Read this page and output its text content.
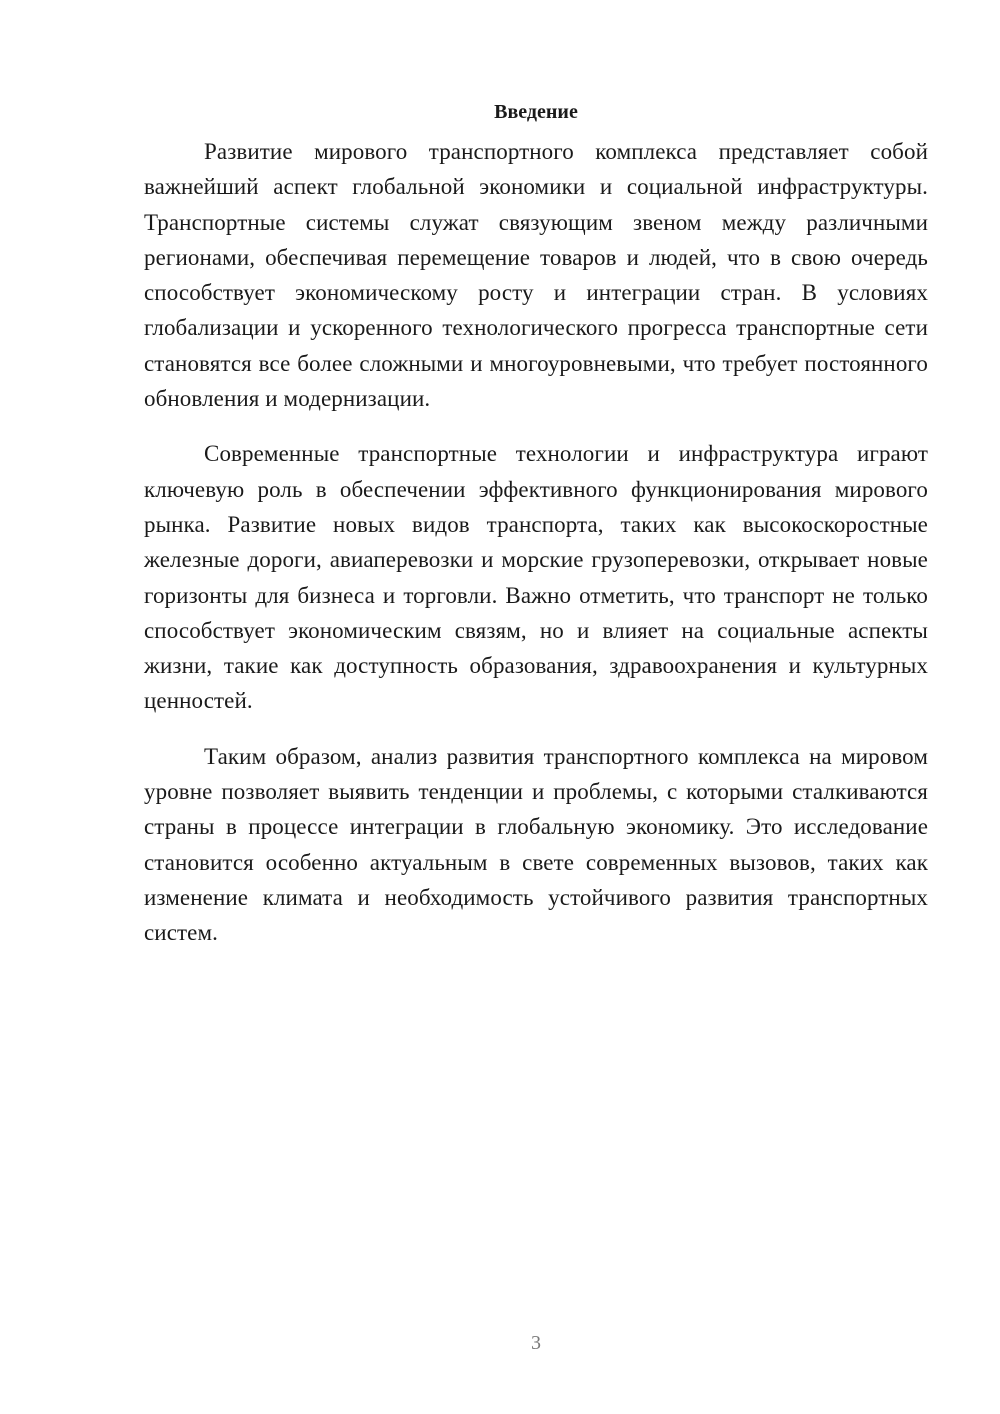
Введение

Развитие мирового транспортного комплекса представляет собой важнейший аспект глобальной экономики и социальной инфраструктуры. Транспортные системы служат связующим звеном между различными регионами, обеспечивая перемещение товаров и людей, что в свою очередь способствует экономическому росту и интеграции стран. В условиях глобализации и ускоренного технологического прогресса транспортные сети становятся все более сложными и многоуровневыми, что требует постоянного обновления и модернизации.

Современные транспортные технологии и инфраструктура играют ключевую роль в обеспечении эффективного функционирования мирового рынка. Развитие новых видов транспорта, таких как высокоскоростные железные дороги, авиаперевозки и морские грузоперевозки, открывает новые горизонты для бизнеса и торговли. Важно отметить, что транспорт не только способствует экономическим связям, но и влияет на социальные аспекты жизни, такие как доступность образования, здравоохранения и культурных ценностей.

Таким образом, анализ развития транспортного комплекса на мировом уровне позволяет выявить тенденции и проблемы, с которыми сталкиваются страны в процессе интеграции в глобальную экономику. Это исследование становится особенно актуальным в свете современных вызовов, таких как изменение климата и необходимость устойчивого развития транспортных систем.

3
